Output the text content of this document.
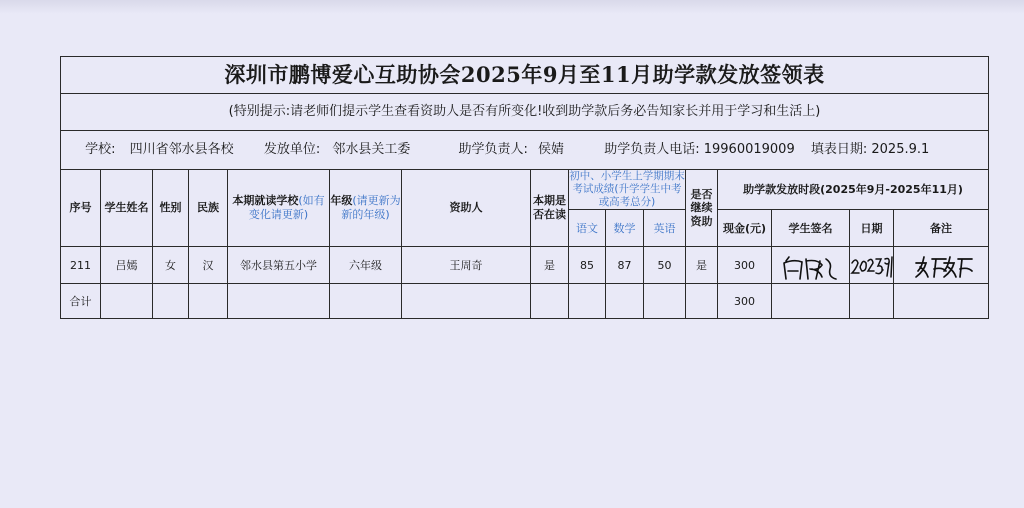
深圳市鹏博爱心互助协会2025年9月至11月助学款发放签领表															
(特别提示:请老师们提示学生查看资助人是否有所变化!收到助学款后务必告知家长并用于学习和生活上)															
学校: 四川省邻水县各校 发放单位: 邻水县关工委 助学负责人: 侯婧 助学负责人电话: 19960019009 填表日期: 2025.9.1															
序号	学生姓名	性别	民族	本期就读学校(如有变化请更新)	年级(请更新为新的年级)	资助人	本期是否在读	初中、小学生上学期期末考试成绩(升学学生中考或高考总分)			是否继续资助	助学款发放时段(2025年9月-2025年11月)			
								语文	数学	英语		现金(元)	学生签名	日期	备注
211	吕嫣	女	汉	邻水县第五小学	六年级	王周奇	是	85	87	50	是	300	

合计												300			
